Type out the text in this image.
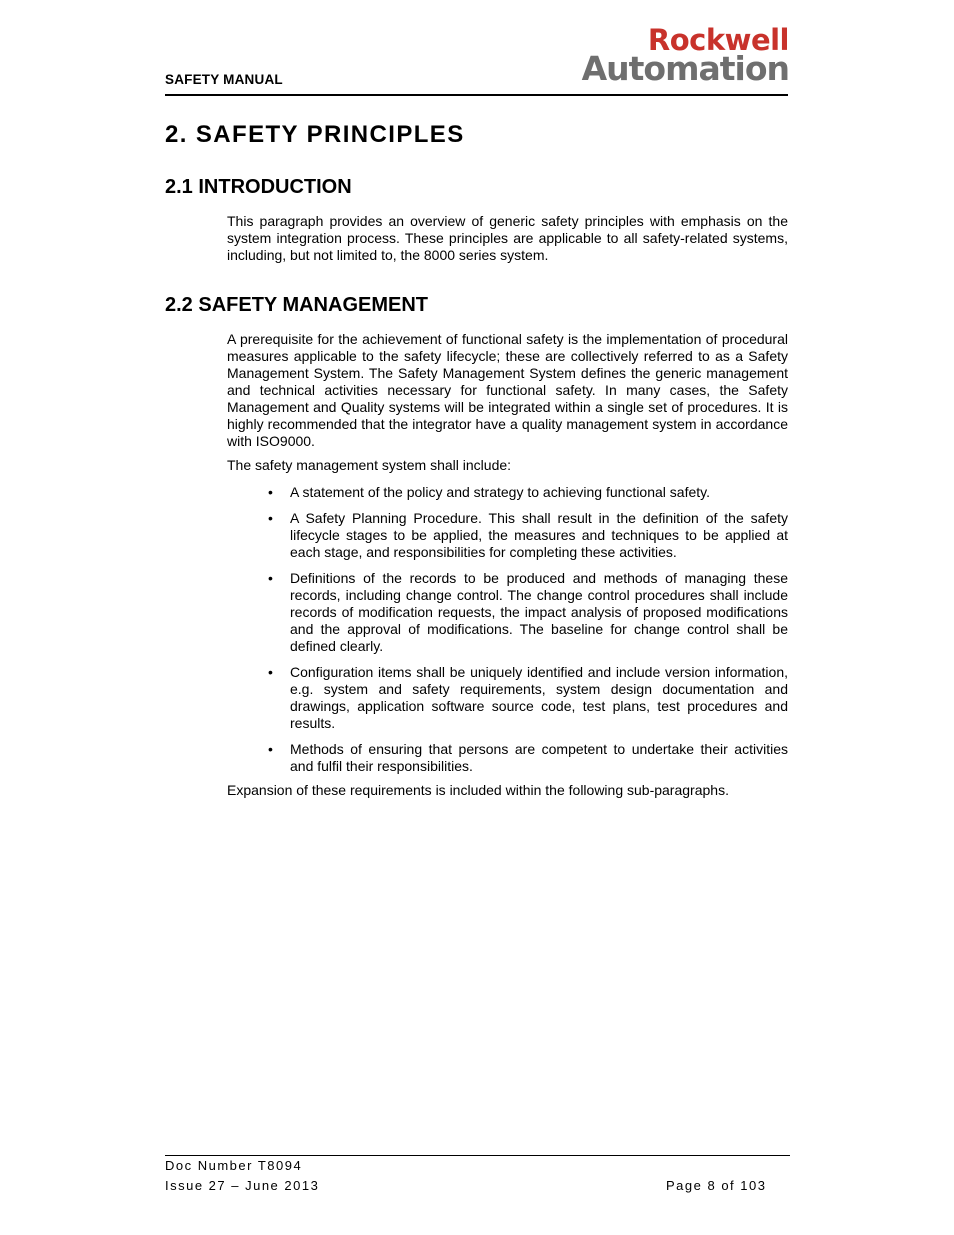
SAFETY MANUAL
Rockwell
Automation
2. SAFETY PRINCIPLES
2.1 INTRODUCTION

This paragraph provides an overview of generic safety principles with emphasis on the system integration process. These principles are applicable to all safety-related systems, including, but not limited to, the 8000 series system.

2.2 SAFETY MANAGEMENT

A prerequisite for the achievement of functional safety is the implementation of procedural measures applicable to the safety lifecycle; these are collectively referred to as a Safety Management System. The Safety Management System defines the generic management and technical activities necessary for functional safety. In many cases, the Safety Management and Quality systems will be integrated within a single set of procedures. It is highly recommended that the integrator have a quality management system in accordance with ISO9000.

The safety management system shall include:

• A statement of the policy and strategy to achieving functional safety.
• A Safety Planning Procedure. This shall result in the definition of the safety lifecycle stages to be applied, the measures and techniques to be applied at each stage, and responsibilities for completing these activities.
• Definitions of the records to be produced and methods of managing these records, including change control. The change control procedures shall include records of modification requests, the impact analysis of proposed modifications and the approval of modifications. The baseline for change control shall be defined clearly.
• Configuration items shall be uniquely identified and include version information, e.g. system and safety requirements, system design documentation and drawings, application software source code, test plans, test procedures and results.
• Methods of ensuring that persons are competent to undertake their activities and fulfil their responsibilities.

Expansion of these requirements is included within the following sub-paragraphs.

Doc Number T8094
Issue 27 – June 2013	Page 8 of 103
